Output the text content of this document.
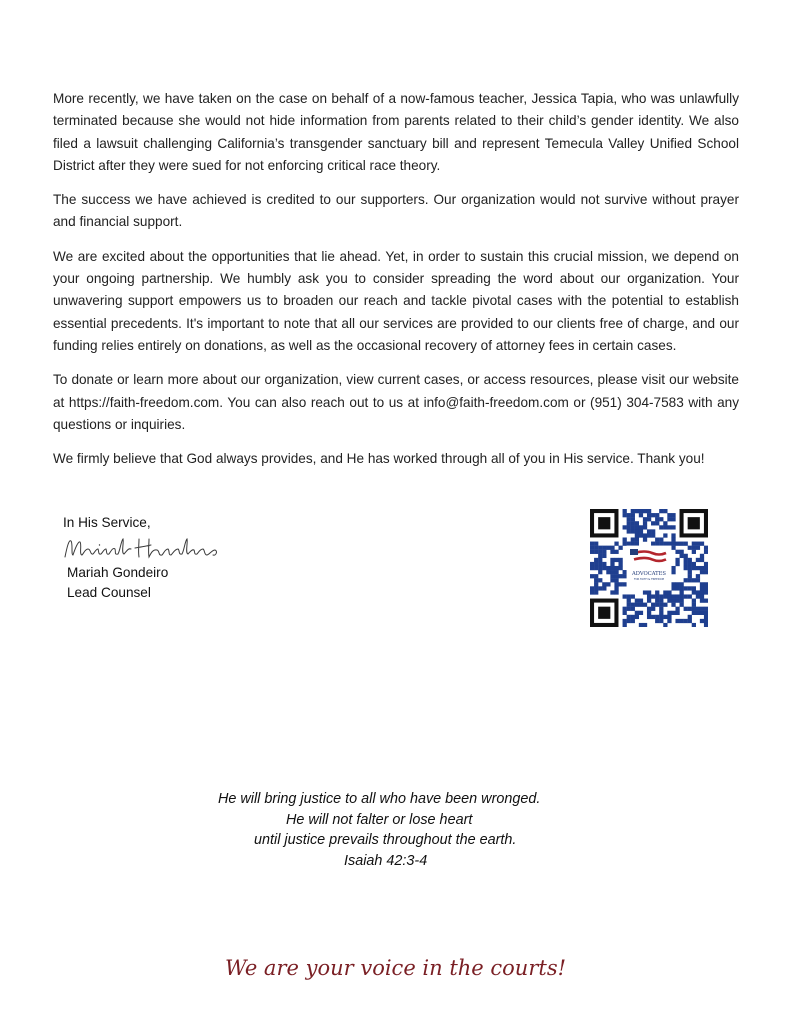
More recently, we have taken on the case on behalf of a now-famous teacher, Jessica Tapia, who was unlawfully terminated because she would not hide information from parents related to their child’s gender identity. We also filed a lawsuit challenging California’s transgender sanctuary bill and represent Temecula Valley Unified School District after they were sued for not enforcing critical race theory.

The success we have achieved is credited to our supporters. Our organization would not survive without prayer and financial support.

We are excited about the opportunities that lie ahead. Yet, in order to sustain this crucial mission, we depend on your ongoing partnership. We humbly ask you to consider spreading the word about our organization. Your unwavering support empowers us to broaden our reach and tackle pivotal cases with the potential to establish essential precedents. It's important to note that all our services are provided to our clients free of charge, and our funding relies entirely on donations, as well as the occasional recovery of attorney fees in certain cases.

To donate or learn more about our organization, view current cases, or access resources, please visit our website at https://faith-freedom.com. You can also reach out to us at info@faith-freedom.com or (951) 304-7583 with any questions or inquiries.

We firmly believe that God always provides, and He has worked through all of you in His service. Thank you!

In His Service,
Mariah Gondeiro
Lead Counsel
ADVOCATES
FOR FAITH & FREEDOM
He will bring justice to all who have been wronged.
He will not falter or lose heart
until justice prevails throughout the earth.
Isaiah 42:3-4
We are your voice in the courts!
